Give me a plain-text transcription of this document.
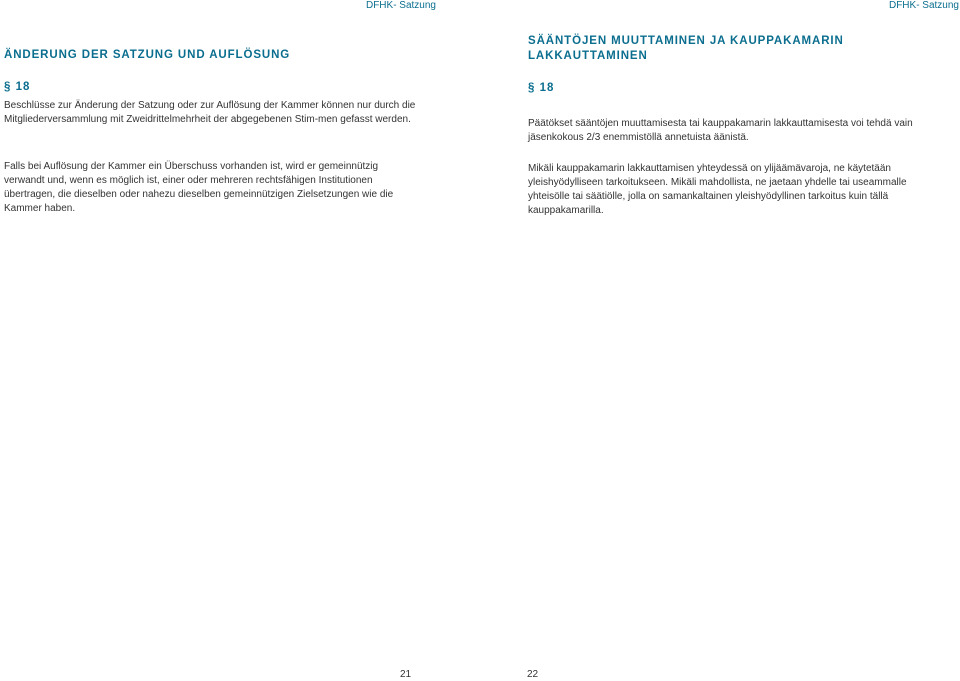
DFHK- Satzung
ÄNDERUNG DER SATZUNG UND AUFLÖSUNG
§ 18
Beschlüsse zur Änderung der Satzung oder zur Auflösung der Kammer können nur durch die Mitgliederversammlung mit Zweidrittelmehrheit der abgegebenen Stim-men gefasst werden.
Falls bei Auflösung der Kammer ein Überschuss vorhanden ist, wird er gemeinnützig verwandt und, wenn es möglich ist, einer oder mehreren rechtsfähigen Institutionen übertragen, die dieselben oder nahezu dieselben gemeinnützigen Zielsetzungen wie die Kammer haben.
21
DFHK- Satzung
SÄÄNTÖJEN MUUTTAMINEN JA KAUPPAKAMARIN LAKKAUTTAMINEN
§ 18
Päätökset sääntöjen muuttamisesta tai kauppakamarin lakkauttamisesta voi tehdä vain jäsenkokous 2/3 enemmistöllä annetuista äänistä.
Mikäli kauppakamarin lakkauttamisen yhteydessä on ylijäämävaroja, ne käytetään yleishyödylliseen tarkoitukseen. Mikäli mahdollista, ne jaetaan yhdelle tai useammalle yhteisölle tai säätiölle, jolla on samankaltainen yleishyödyllinen tarkoitus kuin tällä kauppakamarilla.
22
